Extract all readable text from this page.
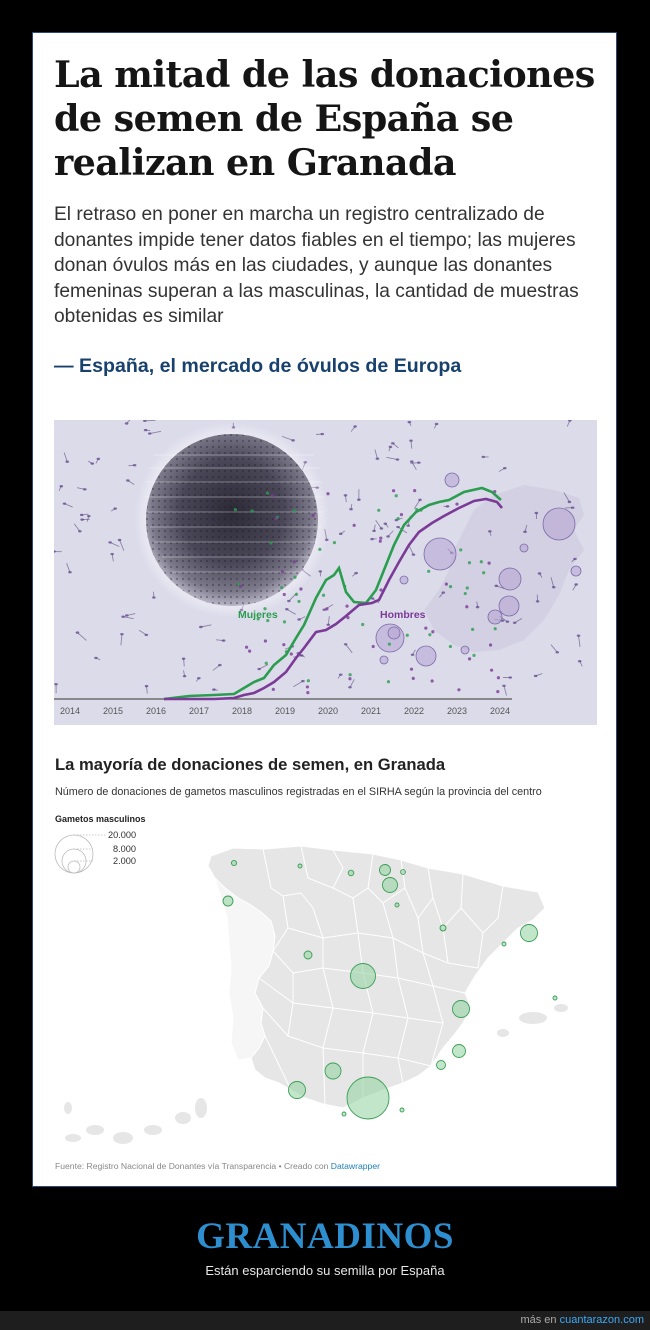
La mitad de las donaciones de semen de España se realizan en Granada

El retraso en poner en marcha un registro centralizado de donantes impide tener datos fiables en el tiempo; las mujeres donan óvulos más en las ciudades, y aunque las donantes femeninas superan a las masculinas, la cantidad de muestras obtenidas es similar

— España, el mercado de óvulos de Europa

Mujeres	Hombres
2014	2015	2016	2017	2018	2019	2020	2021	2022	2023	2024
La mayoría de donaciones de semen, en Granada

Número de donaciones de gametos masculinos registradas en el SIRHA según la provincia del centro

Gametos masculinos
20.000
8.000
2.000

Fuente: Registro Nacional de Donantes vía Transparencia • Creado con Datawrapper

GRANADINOS

Están esparciendo su semilla por España

más en cuantarazon.com
